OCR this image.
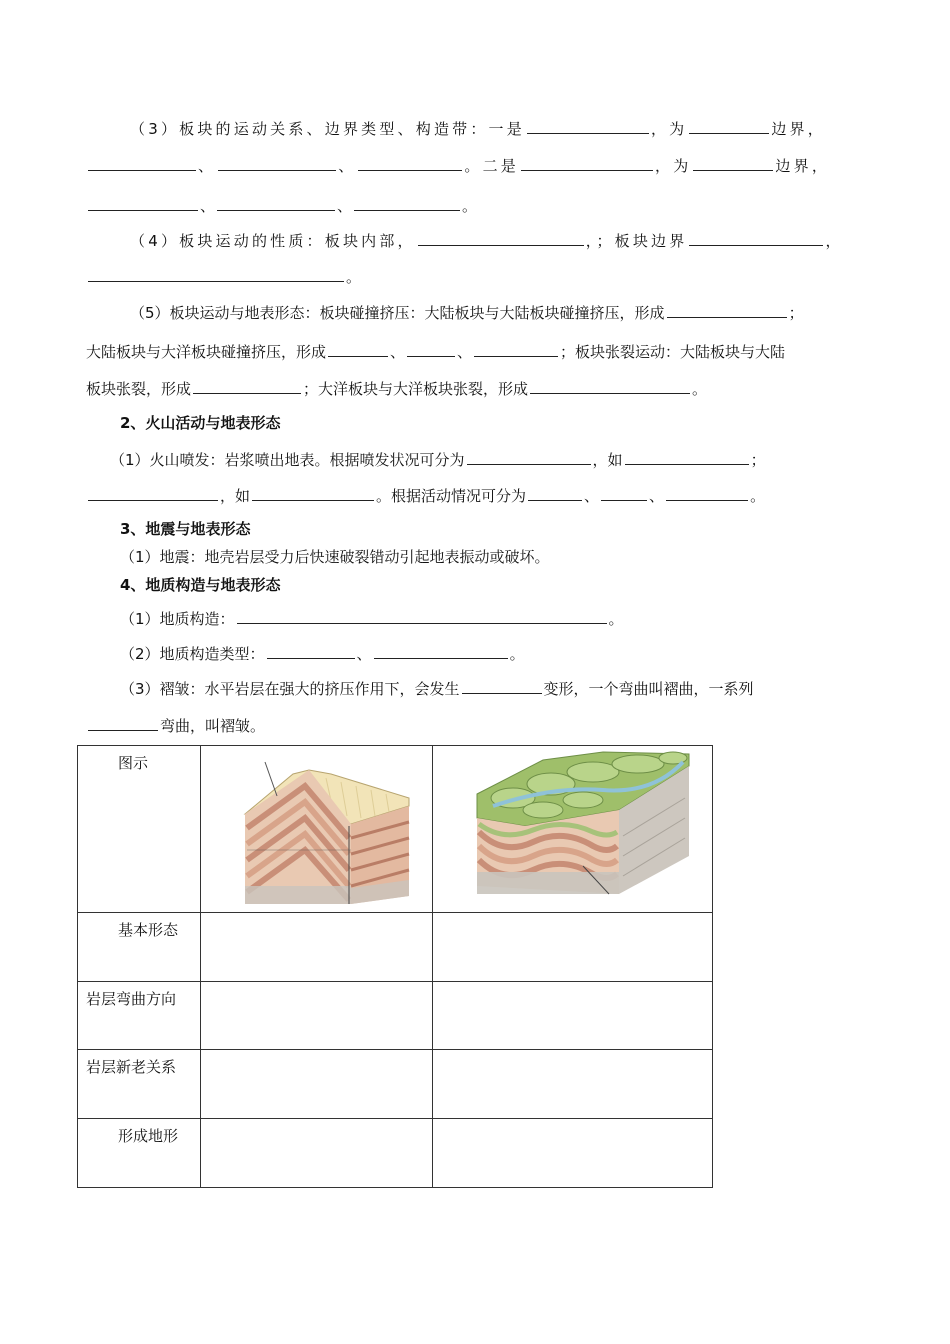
（3）板块的运动关系、边界类型、构造带：一是	，为	边界，
、	、	。二是	，为	边界，
、	、	。
（4）板块运动的性质：板块内部，	，；板块边界	，
。
（5）板块运动与地表形态：板块碰撞挤压：大陆板块与大陆板块碰撞挤压，形成	；
大陆板块与大洋板块碰撞挤压，形成	、	、	；板块张裂运动：大陆板块与大陆
板块张裂，形成	；大洋板块与大洋板块张裂，形成	。
2、火山活动与地表形态
（1）火山喷发：岩浆喷出地表。根据喷发状况可分为	，如	；
，如	。根据活动情况可分为	、	、	。
3、地震与地表形态
（1）地震：地壳岩层受力后快速破裂错动引起地表振动或破坏。
4、地质构造与地表形态
（1）地质构造：	。
（2）地质构造类型：	、	。
（3）褶皱：水平岩层在强大的挤压作用下，会发生	变形，一个弯曲叫褶曲，一系列
弯曲，叫褶皱。
图示	

基本形态		
岩层弯曲方向		
岩层新老关系		
形成地形		
